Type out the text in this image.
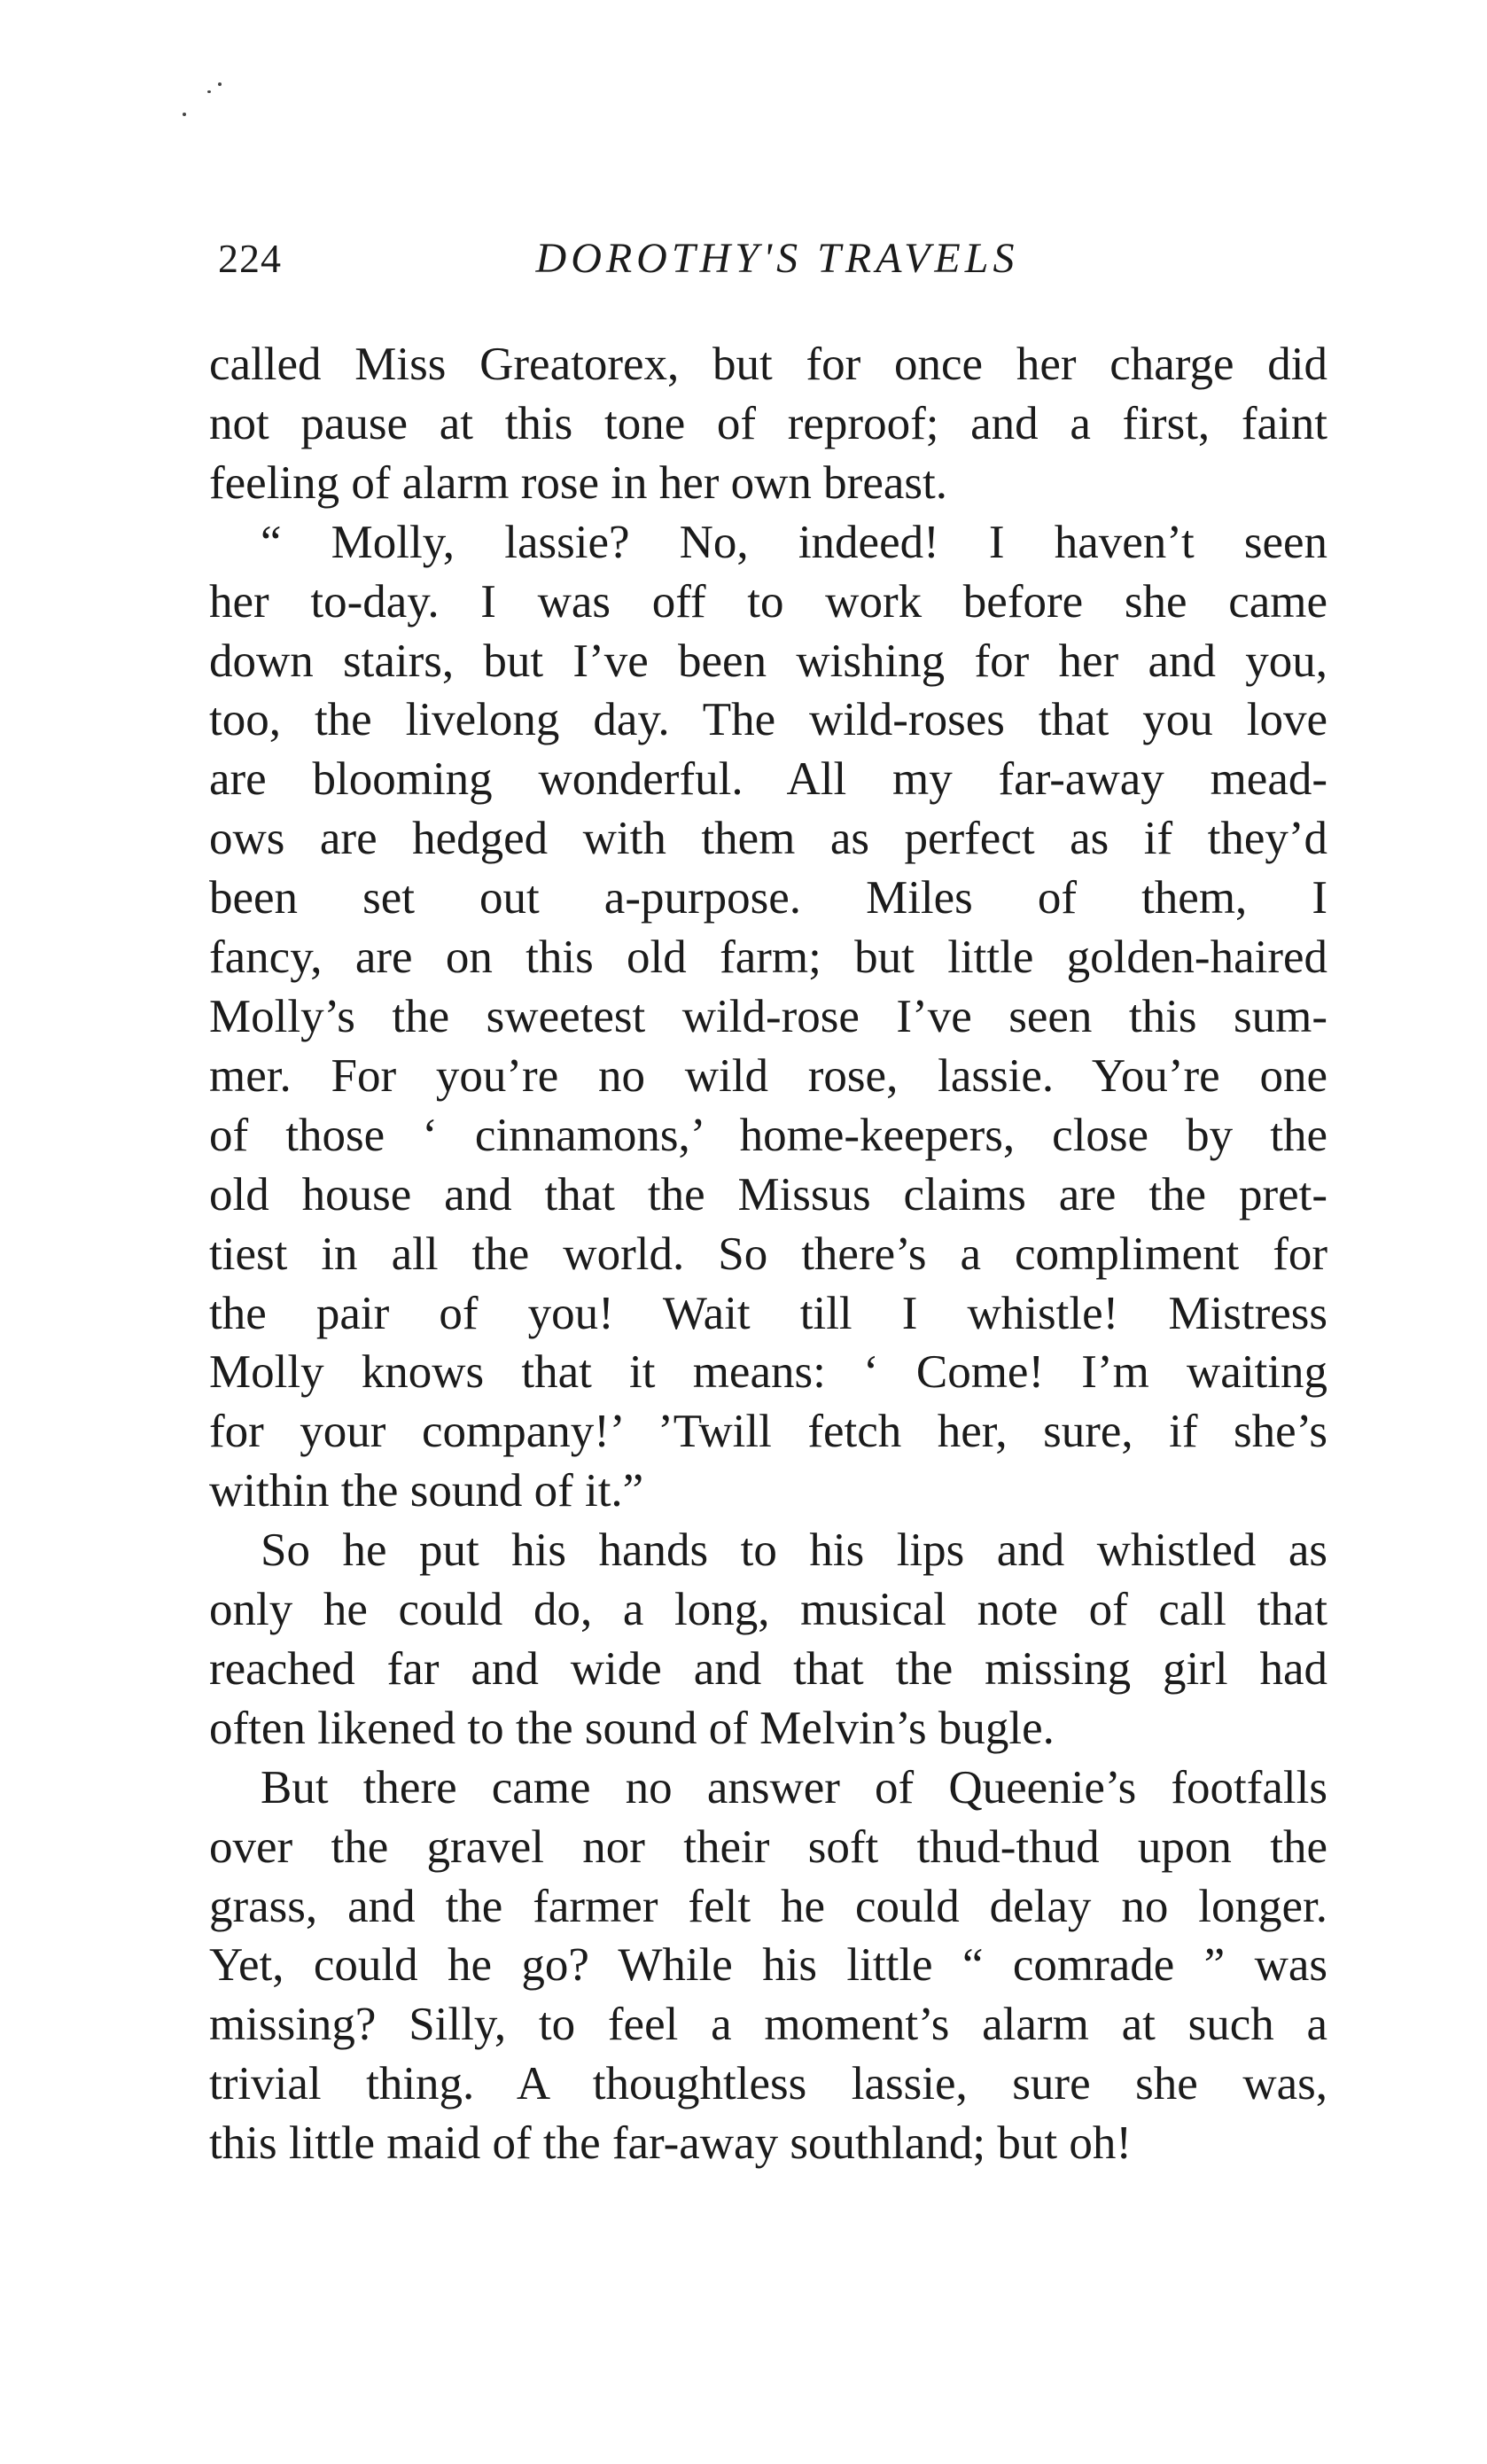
224	DOROTHY'S TRAVELS

called Miss Greatorex, but for once her charge did
not pause at this tone of reproof; and a first, faint
feeling of alarm rose in her own breast.

“ Molly, lassie? No, indeed! I haven’t seen
her to-day. I was off to work before she came
down stairs, but I’ve been wishing for her and you,
too, the livelong day. The wild-roses that you love
are blooming wonderful. All my far-away mead-
ows are hedged with them as perfect as if they’d
been set out a-purpose. Miles of them, I
fancy, are on this old farm; but little golden-haired
Molly’s the sweetest wild-rose I’ve seen this sum-
mer. For you’re no wild rose, lassie. You’re one
of those ‘ cinnamons,’ home-keepers, close by the
old house and that the Missus claims are the pret-
tiest in all the world. So there’s a compliment for
the pair of you! Wait till I whistle! Mistress
Molly knows that it means: ‘ Come! I’m waiting
for your company!’ ’Twill fetch her, sure, if she’s
within the sound of it.”

So he put his hands to his lips and whistled as
only he could do, a long, musical note of call that
reached far and wide and that the missing girl had
often likened to the sound of Melvin’s bugle.

But there came no answer of Queenie’s footfalls
over the gravel nor their soft thud-thud upon the
grass, and the farmer felt he could delay no longer.
Yet, could he go? While his little “ comrade ” was
missing? Silly, to feel a moment’s alarm at such a
trivial thing. A thoughtless lassie, sure she was,
this little maid of the far-away southland; but oh!
